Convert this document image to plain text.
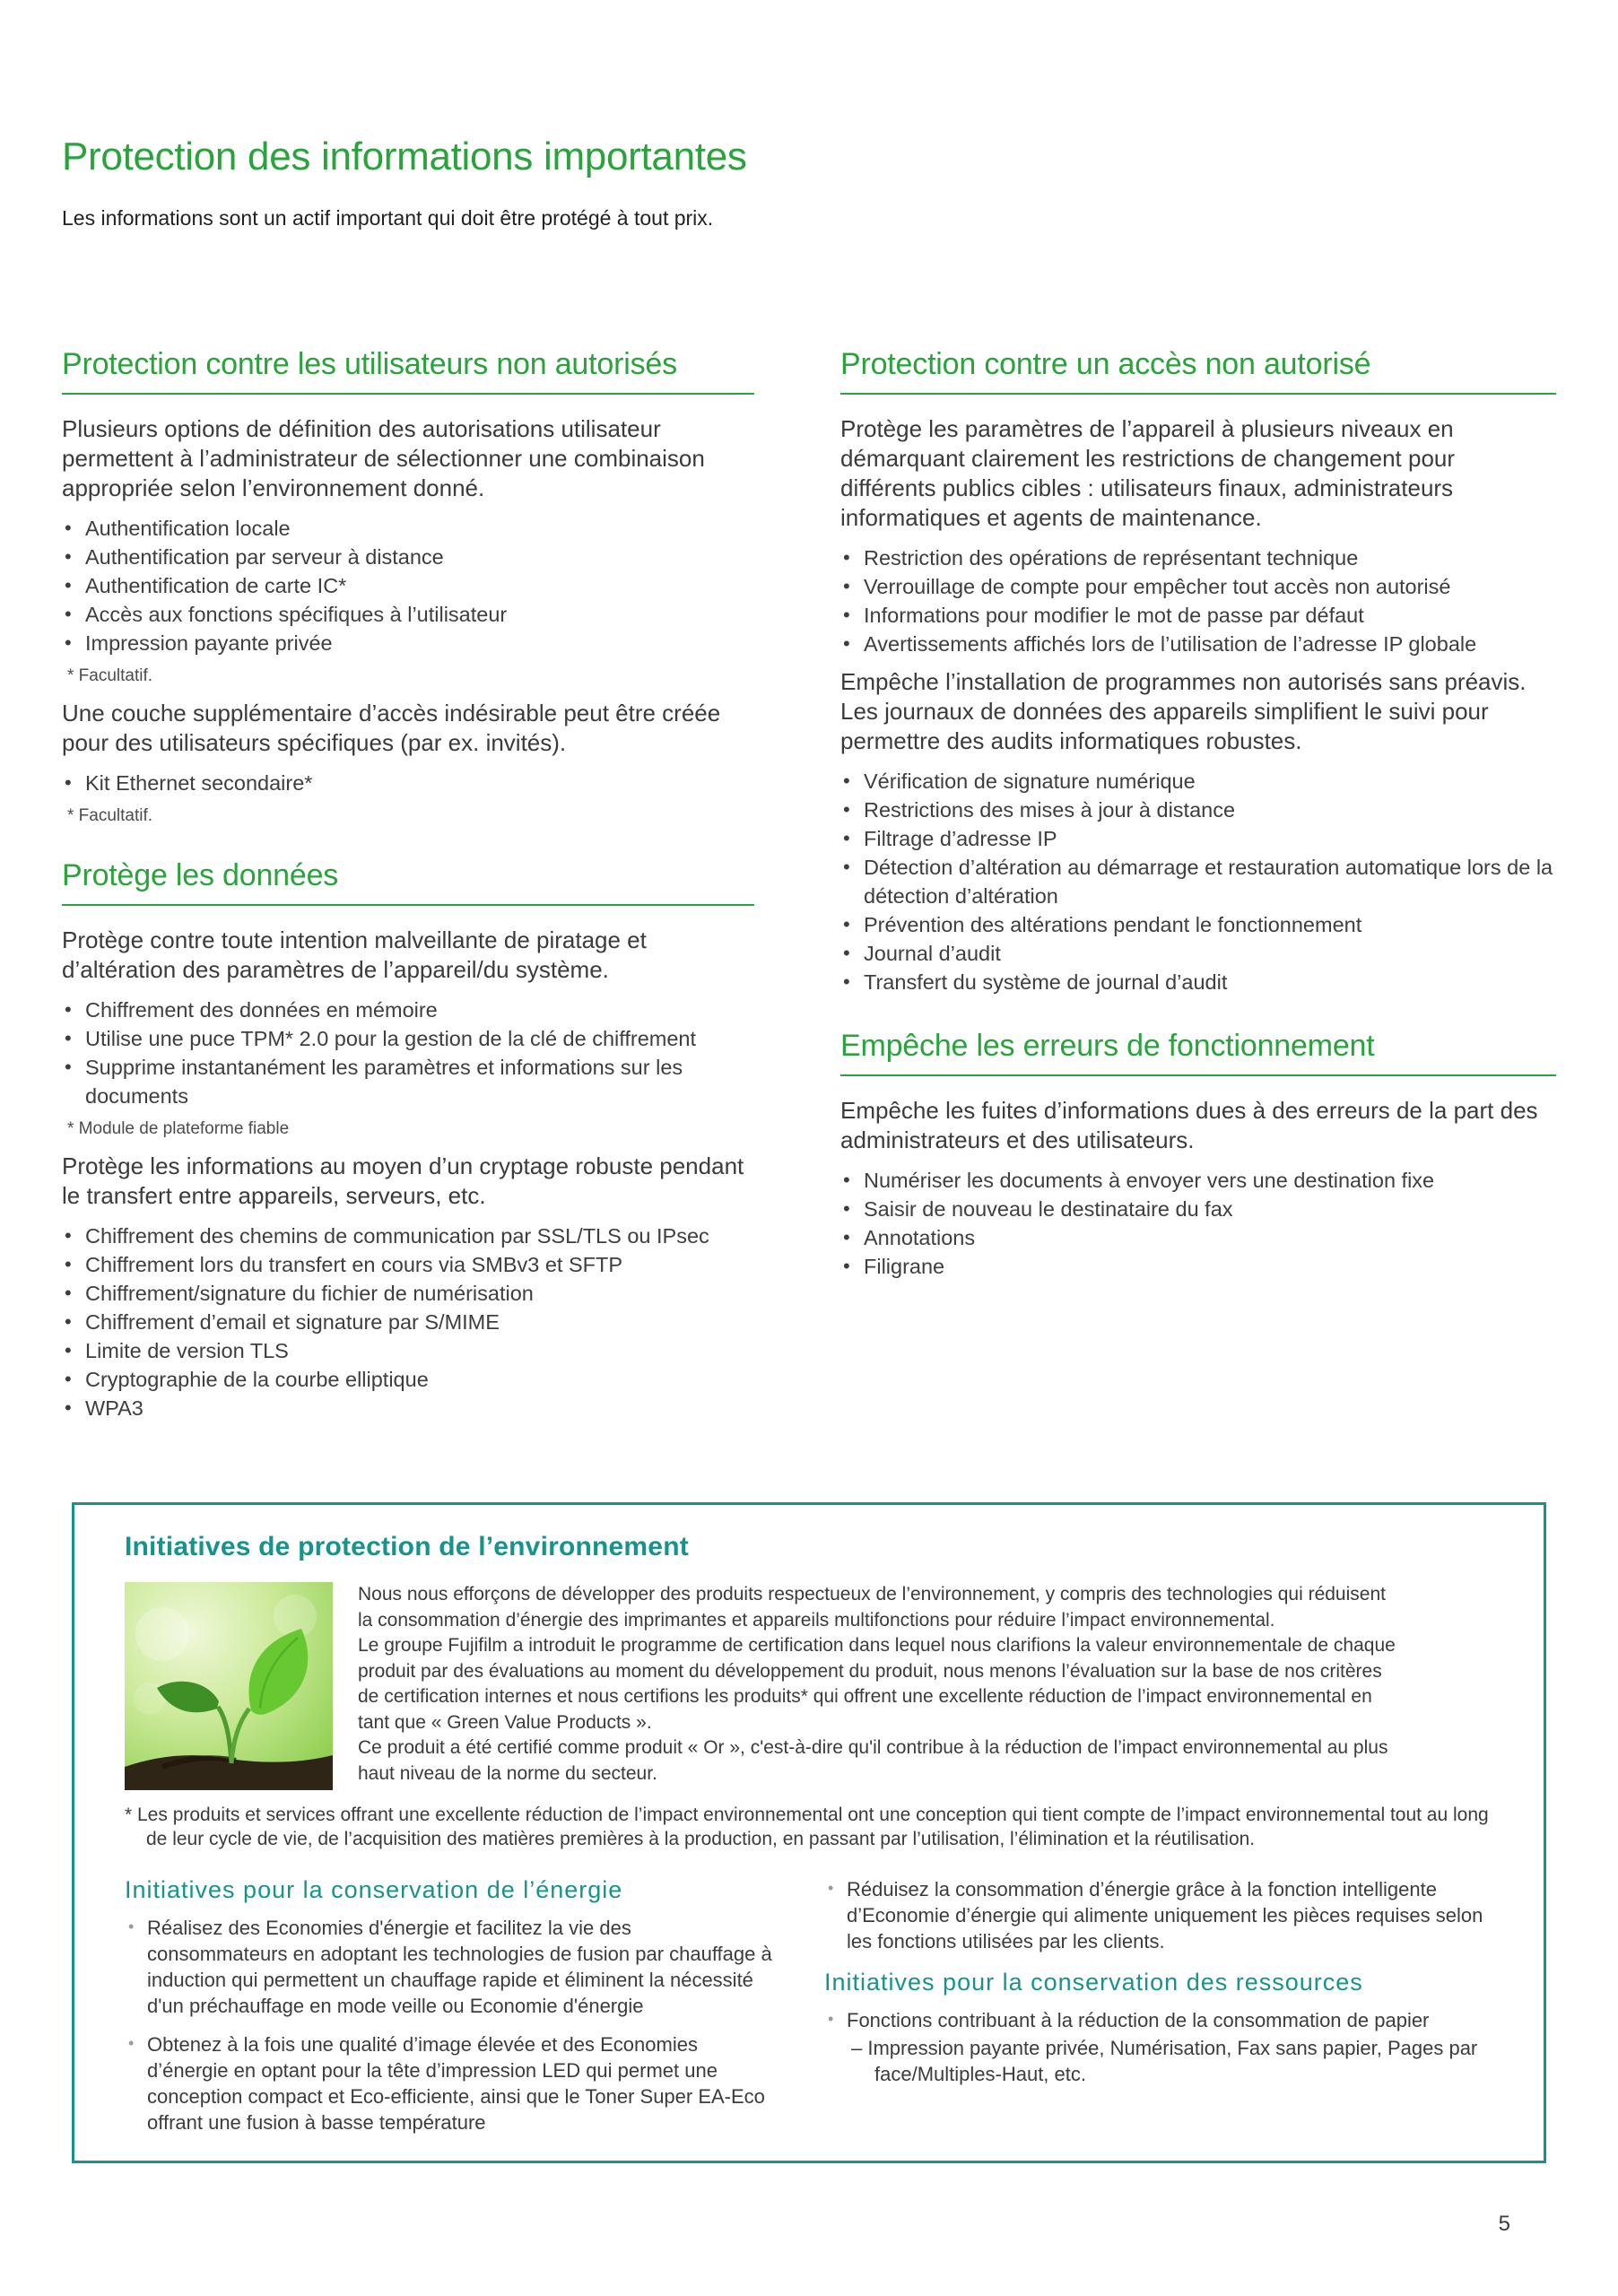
Protection des informations importantes

Les informations sont un actif important qui doit être protégé à tout prix.

Protection contre les utilisateurs non autorisés

Plusieurs options de définition des autorisations utilisateur permettent à l’administrateur de sélectionner une combinaison appropriée selon l’environnement donné.

• Authentification locale
• Authentification par serveur à distance
• Authentification de carte IC*
• Accès aux fonctions spécifiques à l’utilisateur
• Impression payante privée

* Facultatif.

Une couche supplémentaire d’accès indésirable peut être créée pour des utilisateurs spécifiques (par ex. invités).

• Kit Ethernet secondaire*

* Facultatif.

Protège les données

Protège contre toute intention malveillante de piratage et d’altération des paramètres de l’appareil/du système.

• Chiffrement des données en mémoire
• Utilise une puce TPM* 2.0 pour la gestion de la clé de chiffrement
• Supprime instantanément les paramètres et informations sur les documents

* Module de plateforme fiable

Protège les informations au moyen d’un cryptage robuste pendant le transfert entre appareils, serveurs, etc.

• Chiffrement des chemins de communication par SSL/TLS ou IPsec
• Chiffrement lors du transfert en cours via SMBv3 et SFTP
• Chiffrement/signature du fichier de numérisation
• Chiffrement d’email et signature par S/MIME
• Limite de version TLS
• Cryptographie de la courbe elliptique
• WPA3
Protection contre un accès non autorisé

Protège les paramètres de l’appareil à plusieurs niveaux en démarquant clairement les restrictions de changement pour différents publics cibles : utilisateurs finaux, administrateurs informatiques et agents de maintenance.

• Restriction des opérations de représentant technique
• Verrouillage de compte pour empêcher tout accès non autorisé
• Informations pour modifier le mot de passe par défaut
• Avertissements affichés lors de l’utilisation de l’adresse IP globale

Empêche l’installation de programmes non autorisés sans préavis. Les journaux de données des appareils simplifient le suivi pour permettre des audits informatiques robustes.

• Vérification de signature numérique
• Restrictions des mises à jour à distance
• Filtrage d’adresse IP
• Détection d’altération au démarrage et restauration automatique lors de la détection d’altération
• Prévention des altérations pendant le fonctionnement
• Journal d’audit
• Transfert du système de journal d’audit
Empêche les erreurs de fonctionnement

Empêche les fuites d’informations dues à des erreurs de la part des administrateurs et des utilisateurs.

• Numériser les documents à envoyer vers une destination fixe
• Saisir de nouveau le destinataire du fax
• Annotations
• Filigrane
Initiatives de protection de l’environnement

Nous nous efforçons de développer des produits respectueux de l’environnement, y compris des technologies qui réduisent la consommation d’énergie des imprimantes et appareils multifonctions pour réduire l’impact environnemental.

Le groupe Fujifilm a introduit le programme de certification dans lequel nous clarifions la valeur environnementale de chaque produit par des évaluations au moment du développement du produit, nous menons l’évaluation sur la base de nos critères de certification internes et nous certifions les produits* qui offrent une excellente réduction de l’impact environnemental en tant que « Green Value Products ».

Ce produit a été certifié comme produit « Or », c'est-à-dire qu'il contribue à la réduction de l’impact environnemental au plus haut niveau de la norme du secteur.

* Les produits et services offrant une excellente réduction de l’impact environnemental ont une conception qui tient compte de l’impact environnemental tout au long de leur cycle de vie, de l’acquisition des matières premières à la production, en passant par l’utilisation, l’élimination et la réutilisation.

Initiatives pour la conservation de l’énergie
• Réalisez des Economies d'énergie et facilitez la vie des consommateurs en adoptant les technologies de fusion par chauffage à induction qui permettent un chauffage rapide et éliminent la nécessité d'un préchauffage en mode veille ou Economie d'énergie
• Obtenez à la fois une qualité d’image élevée et des Economies d’énergie en optant pour la tête d’impression LED qui permet une conception compact et Eco-efficiente, ainsi que le Toner Super EA-Eco offrant une fusion à basse température
• Réduisez la consommation d’énergie grâce à la fonction intelligente d’Economie d’énergie qui alimente uniquement les pièces requises selon les fonctions utilisées par les clients.
Initiatives pour la conservation des ressources
• Fonctions contribuant à la réduction de la consommation de papier
– Impression payante privée, Numérisation, Fax sans papier, Pages par face/Multiples-Haut, etc.
5
